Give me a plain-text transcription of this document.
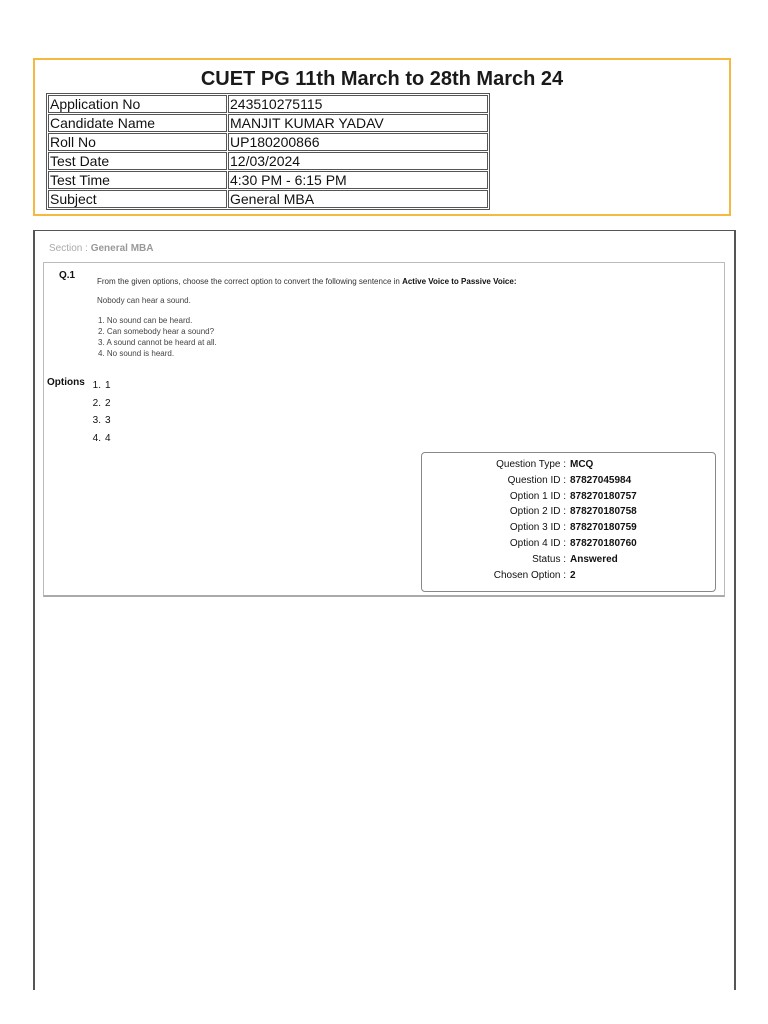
CUET PG 11th March to 28th March 24
Application No	243510275115
Candidate Name	MANJIT KUMAR YADAV
Roll No	UP180200866
Test Date	12/03/2024
Test Time	4:30 PM - 6:15 PM
Subject	General MBA
Section : General MBA
Q.1
From the given options, choose the correct option to convert the following sentence in Active Voice to Passive Voice:
Nobody can hear a sound.
1. No sound can be heard.
2. Can somebody hear a sound?
3. A sound cannot be heard at all.
4. No sound is heard.
Options 1. 1
2. 2
3. 3
4. 4
Question Type : MCQ
Question ID : 87827045984
Option 1 ID : 878270180757
Option 2 ID : 878270180758
Option 3 ID : 878270180759
Option 4 ID : 878270180760
Status : Answered
Chosen Option : 2
